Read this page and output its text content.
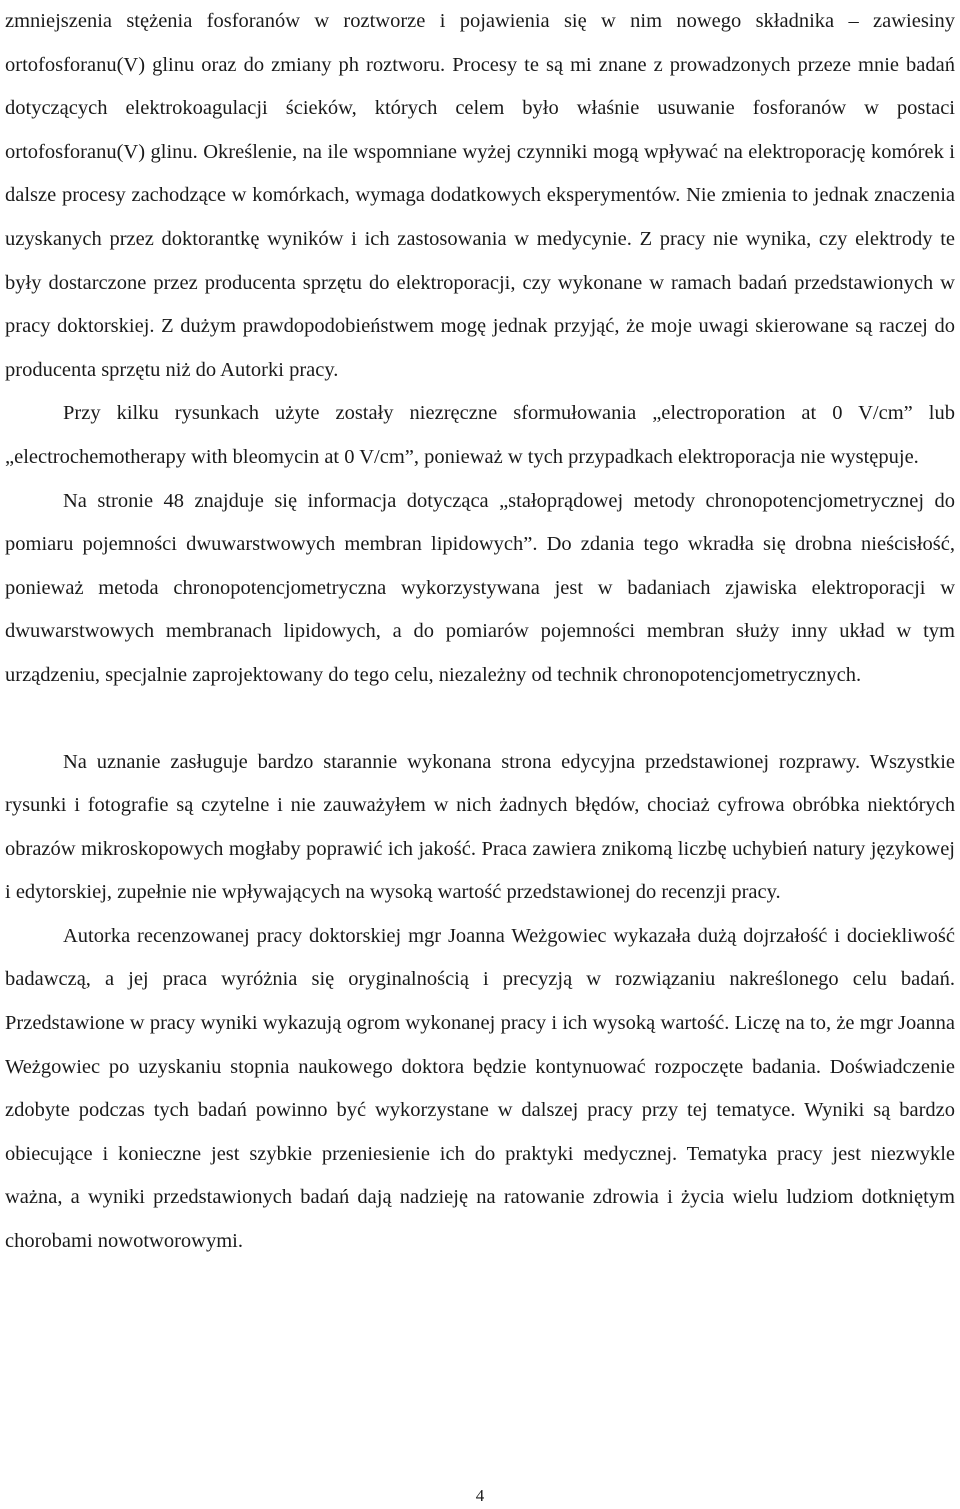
zmniejszenia stężenia fosforanów w roztworze i pojawienia się w nim nowego składnika – zawiesiny ortofosforanu(V) glinu oraz do zmiany ph roztworu. Procesy te są mi znane z prowadzonych przeze mnie badań dotyczących elektrokoagulacji ścieków, których celem było właśnie usuwanie fosforanów w postaci ortofosforanu(V) glinu. Określenie, na ile wspomniane wyżej czynniki mogą wpływać na elektroporację komórek i dalsze procesy zachodzące w komórkach, wymaga dodatkowych eksperymentów. Nie zmienia to jednak znaczenia uzyskanych przez doktorantkę wyników i ich zastosowania w medycynie. Z pracy nie wynika, czy elektrody te były dostarczone przez producenta sprzętu do elektroporacji, czy wykonane w ramach badań przedstawionych w pracy doktorskiej. Z dużym prawdopodobieństwem mogę jednak przyjąć, że moje uwagi skierowane są raczej do producenta sprzętu niż do Autorki pracy.

Przy kilku rysunkach użyte zostały niezręczne sformułowania „electroporation at 0 V/cm” lub „electrochemotherapy with bleomycin at 0 V/cm”, ponieważ w tych przypadkach elektroporacja nie występuje.

Na stronie 48 znajduje się informacja dotycząca „stałoprądowej metody chronopotencjometrycznej do pomiaru pojemności dwuwarstwowych membran lipidowych”. Do zdania tego wkradła się drobna nieścisłość, ponieważ metoda chronopotencjometryczna wykorzystywana jest w badaniach zjawiska elektroporacji w dwuwarstwowych membranach lipidowych, a do pomiarów pojemności membran służy inny układ w tym urządzeniu, specjalnie zaprojektowany do tego celu, niezależny od technik chronopotencjometrycznych.

Na uznanie zasługuje bardzo starannie wykonana strona edycyjna przedstawionej rozprawy. Wszystkie rysunki i fotografie są czytelne i nie zauważyłem w nich żadnych błędów, chociaż cyfrowa obróbka niektórych obrazów mikroskopowych mogłaby poprawić ich jakość. Praca zawiera znikomą liczbę uchybień natury językowej i edytorskiej, zupełnie nie wpływających na wysoką wartość przedstawionej do recenzji pracy.

Autorka recenzowanej pracy doktorskiej mgr Joanna Weżgowiec wykazała dużą dojrzałość i dociekliwość badawczą, a jej praca wyróżnia się oryginalnością i precyzją w rozwiązaniu nakreślonego celu badań. Przedstawione w pracy wyniki wykazują ogrom wykonanej pracy i ich wysoką wartość. Liczę na to, że mgr Joanna Weżgowiec po uzyskaniu stopnia naukowego doktora będzie kontynuować rozpoczęte badania. Doświadczenie zdobyte podczas tych badań powinno być wykorzystane w dalszej pracy przy tej tematyce. Wyniki są bardzo obiecujące i konieczne jest szybkie przeniesienie ich do praktyki medycznej. Tematyka pracy jest niezwykle ważna, a wyniki przedstawionych badań dają nadzieję na ratowanie zdrowia i życia wielu ludziom dotkniętym chorobami nowotworowymi.

4
